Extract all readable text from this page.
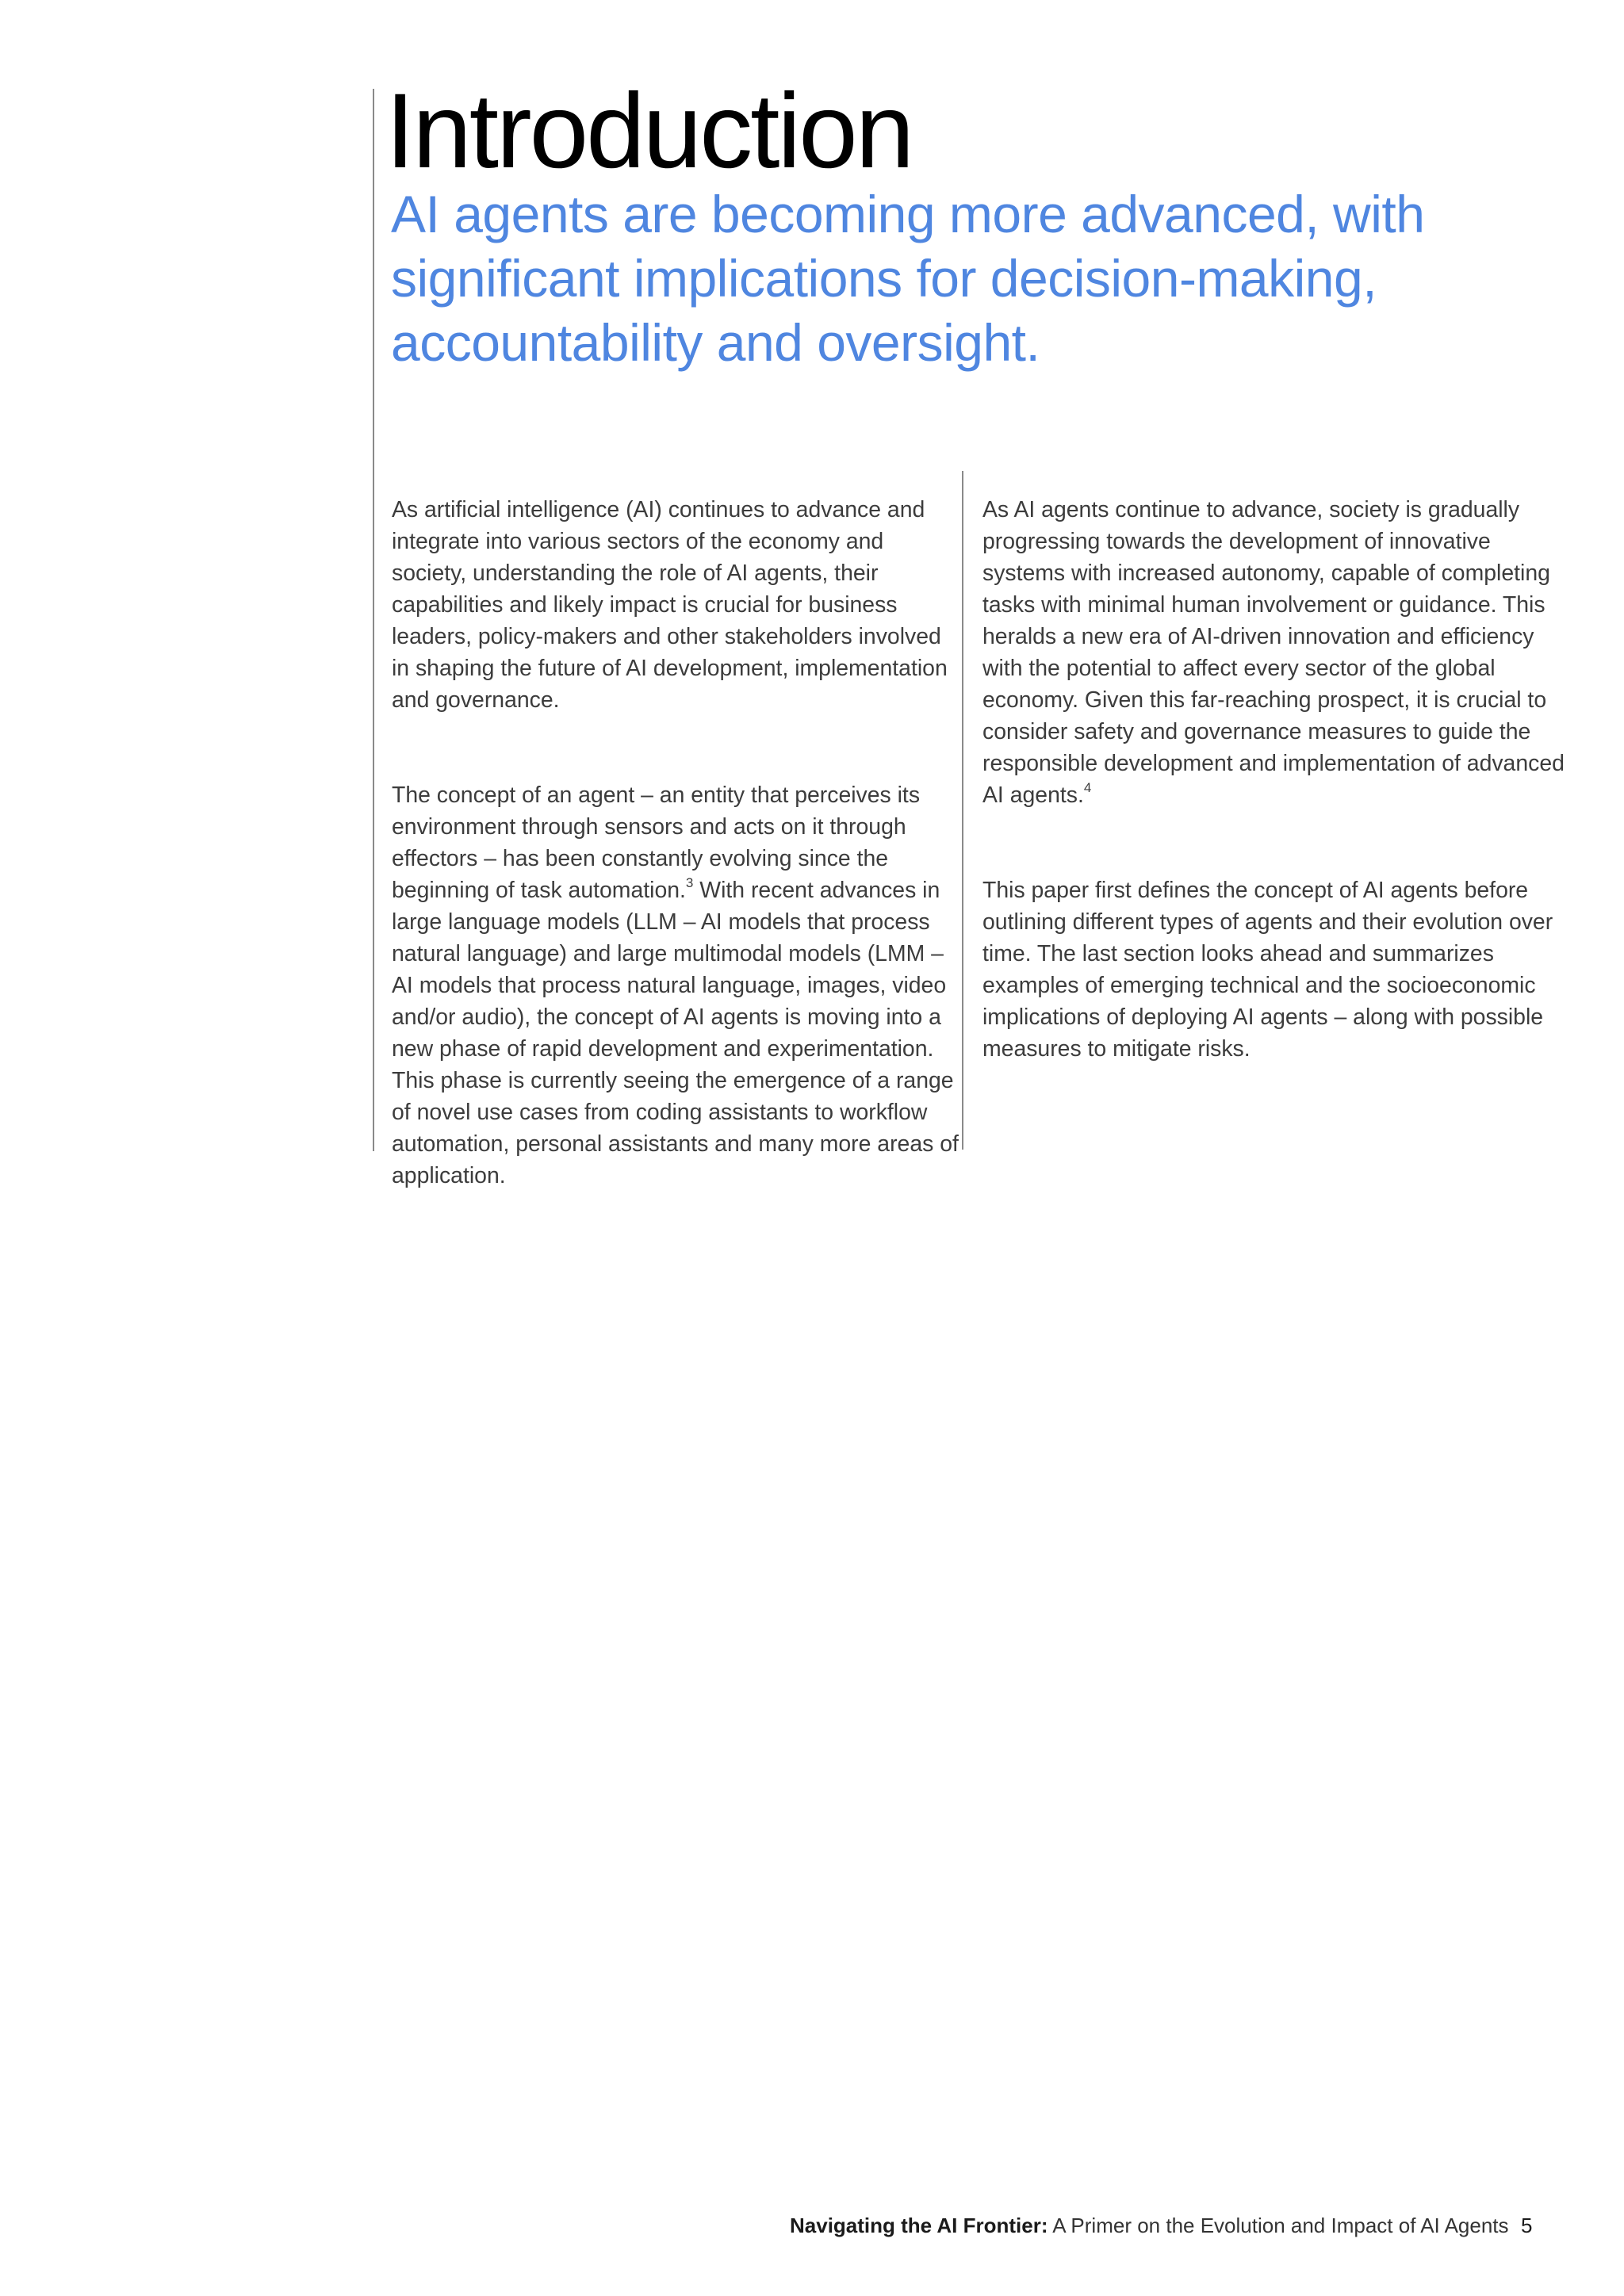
Introduction
AI agents are becoming more advanced, with significant implications for decision-making, accountability and oversight.

As artificial intelligence (AI) continues to advance and integrate into various sectors of the economy and society, understanding the role of AI agents, their capabilities and likely impact is crucial for business leaders, policy-makers and other stakeholders involved in shaping the future of AI development, implementation and governance.

The concept of an agent – an entity that perceives its environment through sensors and acts on it through effectors – has been constantly evolving since the beginning of task automation.$^3$ With recent advances in large language models (LLM – AI models that process natural language) and large multimodal models (LMM – AI models that process natural language, images, video and/or audio), the concept of AI agents is moving into a new phase of rapid development and experimentation. This phase is currently seeing the emergence of a range of novel use cases from coding assistants to workflow automation, personal assistants and many more areas of application.

As AI agents continue to advance, society is gradually progressing towards the development of innovative systems with increased autonomy, capable of completing tasks with minimal human involvement or guidance. This heralds a new era of AI-driven innovation and efficiency with the potential to affect every sector of the global economy. Given this far-reaching prospect, it is crucial to consider safety and governance measures to guide the responsible development and implementation of advanced AI agents.$^4$

This paper first defines the concept of AI agents before outlining different types of agents and their evolution over time. The last section looks ahead and summarizes examples of emerging technical and the socioeconomic implications of deploying AI agents – along with possible measures to mitigate risks.

Navigating the AI Frontier: A Primer on the Evolution and Impact of AI Agents 5
